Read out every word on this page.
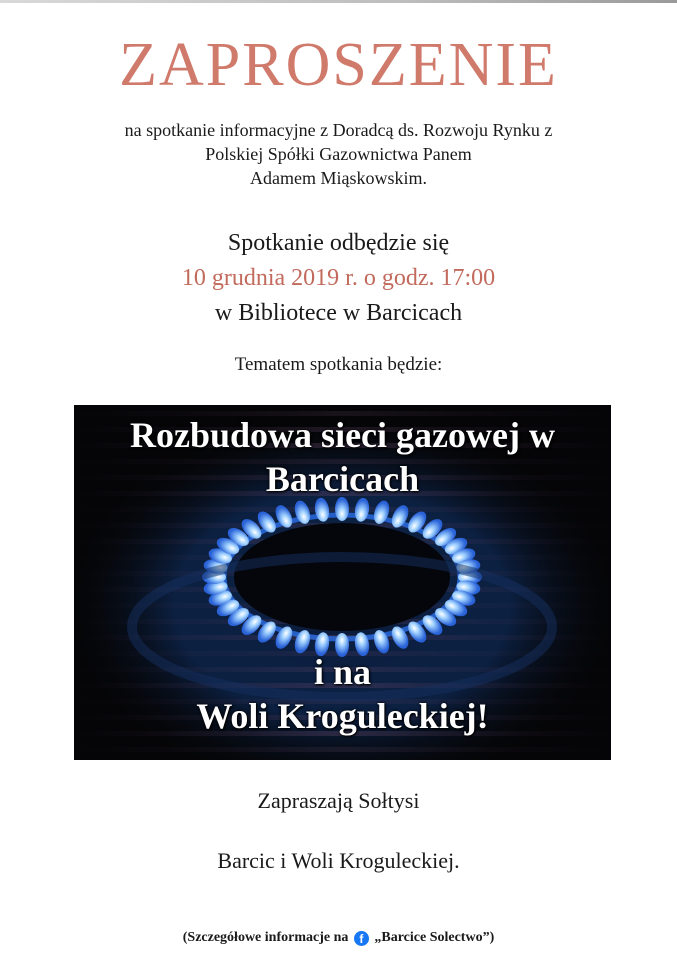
ZAPROSZENIE
na spotkanie informacyjne z Doradcą ds. Rozwoju Rynku z
Polskiej Spółki Gazownictwa Panem
Adamem Miąskowskim.
Spotkanie odbędzie się
10 grudnia 2019 r. o godz. 17:00
w Bibliotece w Barcicach
Tematem spotkania będzie:
Rozbudowa sieci gazowej w
Barcicach
i na
Woli Kroguleckiej!
Zapraszają Sołtysi
Barcic i Woli Kroguleckiej.
(Szczegółowe informacje na f „Barcice Solectwo”)
